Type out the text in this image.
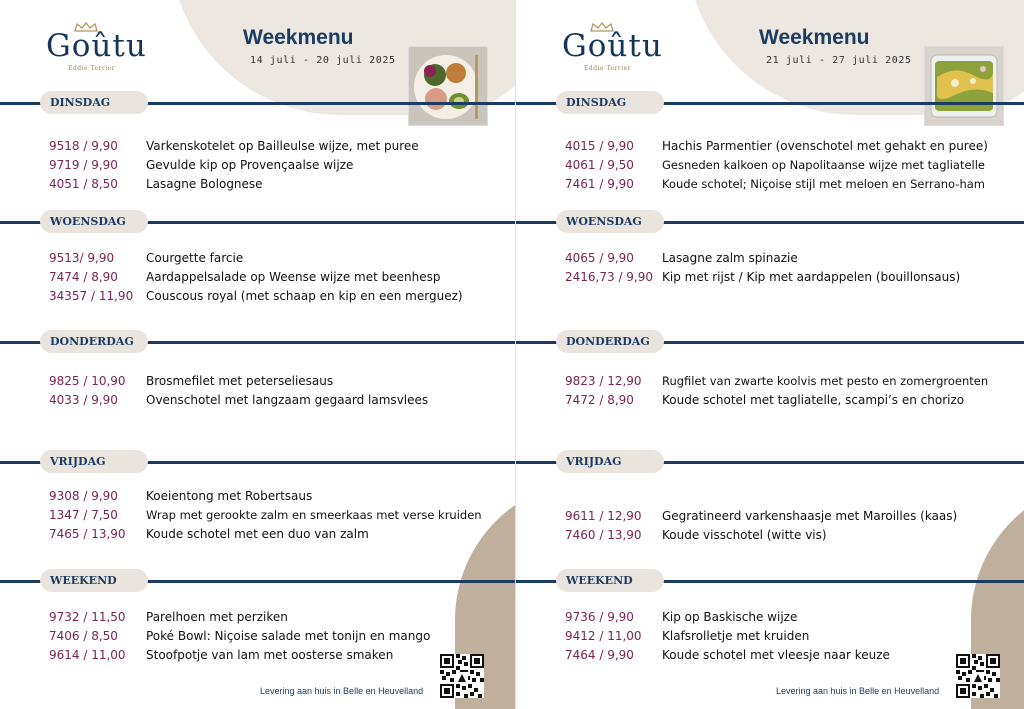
Goûtu
Eddie Terrier
Weekmenu
14 juli - 20 juli 2025
DINSDAG
9518 / 9,90 Varkenskotelet op Bailleulse wijze, met puree
9719 / 9,90 Gevulde kip op Provençaalse wijze
4051 / 8,50 Lasagne Bolognese
WOENSDAG
9513/ 9,90	Courgette farcie
7474 / 8,90 Aardappelsalade op Weense wijze met beenhesp
34357 / 11,90 Couscous royal (met schaap en kip en een merguez)
DONDERDAG
9825 / 10,90 Brosmefilet met peterseliesaus
4033 / 9,90 Ovenschotel met langzaam gegaard lamsvlees
VRIJDAG
9308 / 9,90 Koeientong met Robertsaus
1347 / 7,50 Wrap met gerookte zalm en smeerkaas met verse kruiden
7465 / 13,90 Koude schotel met een duo van zalm
WEEKEND
9732 / 11,50 Parelhoen met perziken
7406 / 8,50 Poké Bowl: Niçoise salade met tonijn en mango
9614 / 11,00 Stoofpotje van lam met oosterse smaken
Levering aan huis in Belle en Heuvelland
Goûtu
Eddie Terrier
Weekmenu
21 juli - 27 juli 2025
DINSDAG
4015 / 9,90 Hachis Parmentier (ovenschotel met gehakt en puree)
4061 / 9,50 Gesneden kalkoen op Napolitaanse wijze met tagliatelle
7461 / 9,90 Koude schotel; Niçoise stijl met meloen en Serrano-ham
WOENSDAG
4065 / 9,90 Lasagne zalm spinazie
2416,73 / 9,90 Kip met rijst / Kip met aardappelen (bouillonsaus)
DONDERDAG
9823 / 12,90 Rugfilet van zwarte koolvis met pesto en zomergroenten
7472 / 8,90 Koude schotel met tagliatelle, scampi’s en chorizo
VRIJDAG
9611 / 12,90 Gegratineerd varkenshaasje met Maroilles (kaas)
7460 / 13,90 Koude visschotel (witte vis)
WEEKEND
9736 / 9,90 Kip op Baskische wijze
9412 / 11,00 Klafsrolletje met kruiden
7464 / 9,90 Koude schotel met vleesje naar keuze
Levering aan huis in Belle en Heuvelland
